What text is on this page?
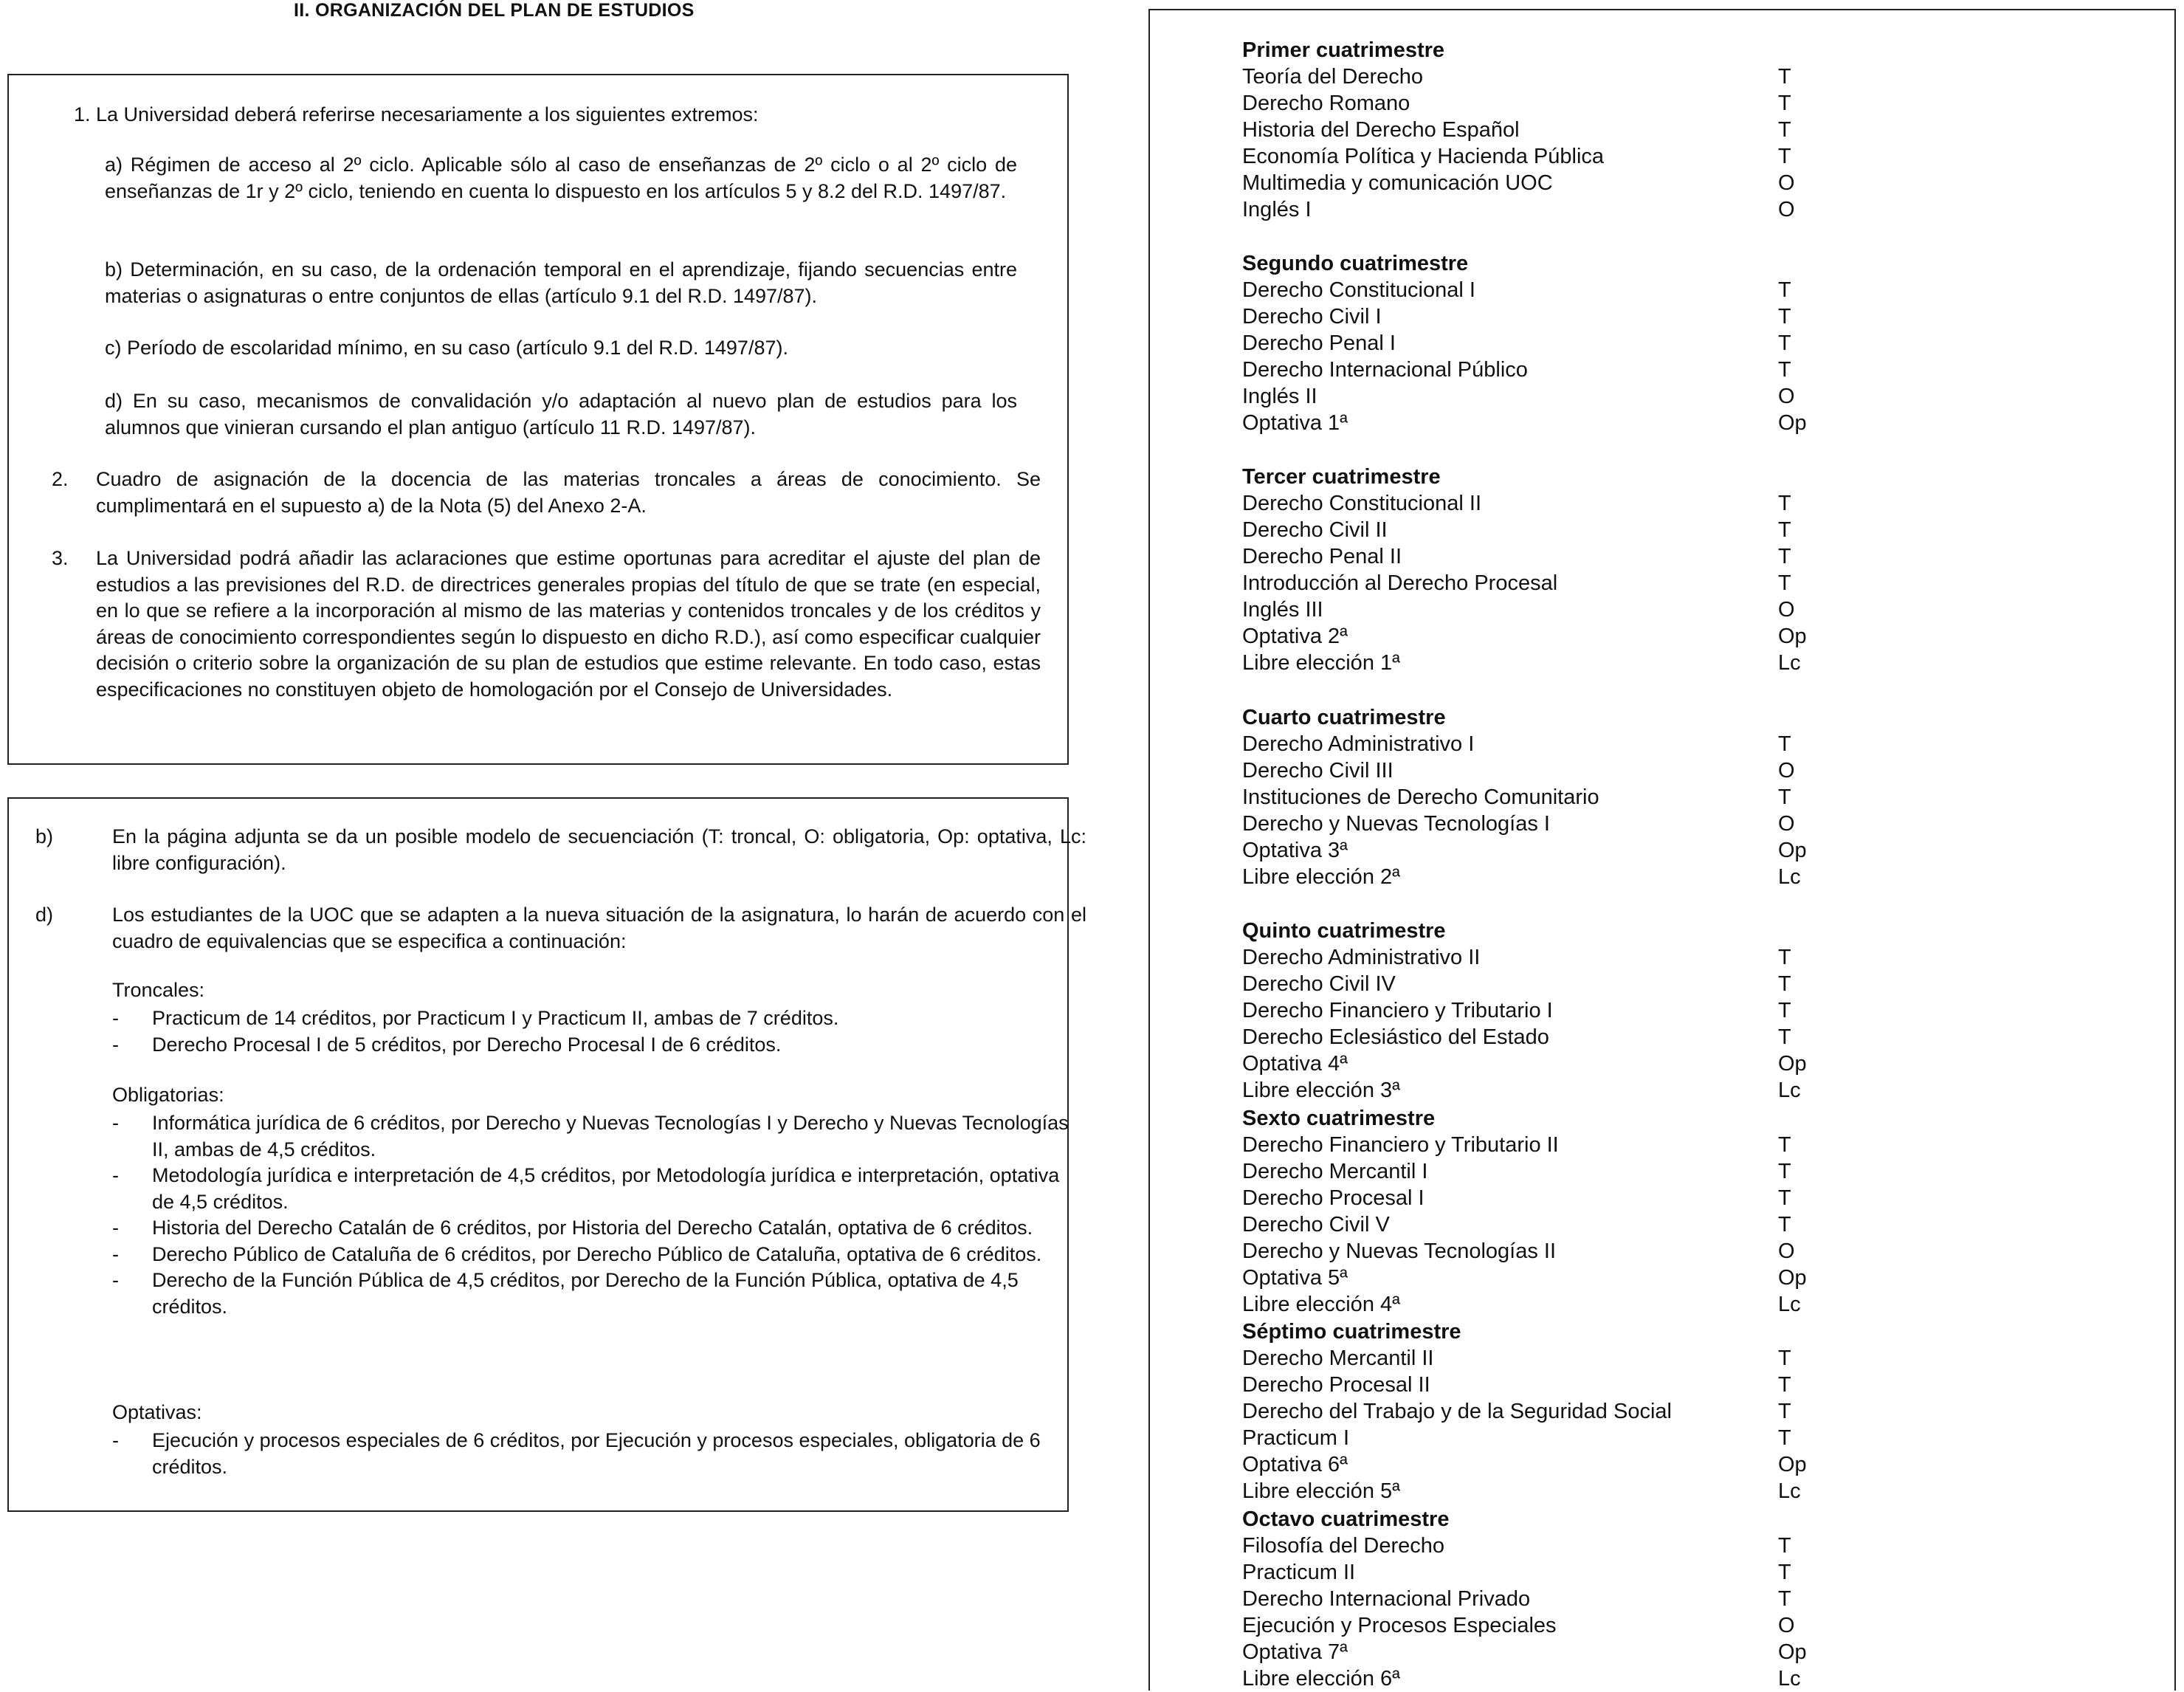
II. ORGANIZACIÓN DEL PLAN DE ESTUDIOS
1. La Universidad deberá referirse necesariamente a los siguientes extremos:
a) Régimen de acceso al 2º ciclo. Aplicable sólo al caso de enseñanzas de 2º ciclo o al 2º ciclo de enseñanzas de 1r y 2º ciclo, teniendo en cuenta lo dispuesto en los artículos 5 y 8.2 del R.D. 1497/87.
b) Determinación, en su caso, de la ordenación temporal en el aprendizaje, fijando secuencias entre materias o asignaturas o entre conjuntos de ellas (artículo 9.1 del R.D. 1497/87).
c) Período de escolaridad mínimo, en su caso (artículo 9.1 del R.D. 1497/87).
d) En su caso, mecanismos de convalidación y/o adaptación al nuevo plan de estudios para los alumnos que vinieran cursando el plan antiguo (artículo 11 R.D. 1497/87).
2. Cuadro de asignación de la docencia de las materias troncales a áreas de conocimiento. Se cumplimentará en el supuesto a) de la Nota (5) del Anexo 2-A.
3. La Universidad podrá añadir las aclaraciones que estime oportunas para acreditar el ajuste del plan de estudios a las previsiones del R.D. de directrices generales propias del título de que se trate (en especial, en lo que se refiere a la incorporación al mismo de las materias y contenidos troncales y de los créditos y áreas de conocimiento correspondientes según lo dispuesto en dicho R.D.), así como especificar cualquier decisión o criterio sobre la organización de su plan de estudios que estime relevante. En todo caso, estas especificaciones no constituyen objeto de homologación por el Consejo de Universidades.
b)	En la página adjunta se da un posible modelo de secuenciación (T: troncal, O: obligatoria, Op: optativa, Lc: libre configuración).
d)	Los estudiantes de la UOC que se adapten a la nueva situación de la asignatura, lo harán de acuerdo con el cuadro de equivalencias que se especifica a continuación:
Troncales:
- Practicum de 14 créditos, por Practicum I y Practicum II, ambas de 7 créditos.
- Derecho Procesal I de 5 créditos, por Derecho Procesal I de 6 créditos.
Obligatorias:
- Informática jurídica de 6 créditos, por Derecho y Nuevas Tecnologías I y Derecho y Nuevas Tecnologías II, ambas de 4,5 créditos.
- Metodología jurídica e interpretación de 4,5 créditos, por Metodología jurídica e interpretación, optativa de 4,5 créditos.
- Historia del Derecho Catalán de 6 créditos, por Historia del Derecho Catalán, optativa de 6 créditos.
- Derecho Público de Cataluña de 6 créditos, por Derecho Público de Cataluña, optativa de 6 créditos.
- Derecho de la Función Pública de 4,5 créditos, por Derecho de la Función Pública, optativa de 4,5 créditos.
Optativas:
- Ejecución y procesos especiales de 6 créditos, por Ejecución y procesos especiales, obligatoria de 6 créditos.
Primer cuatrimestre
Teoría del Derecho	T
Derecho Romano	T
Historia del Derecho Español	T
Economía Política y Hacienda Pública	T
Multimedia y comunicación UOC	O
Inglés I	O
Segundo cuatrimestre
Derecho Constitucional I	T
Derecho Civil I	T
Derecho Penal I	T
Derecho Internacional Público	T
Inglés II	O
Optativa 1ª	Op
Tercer cuatrimestre
Derecho Constitucional II	T
Derecho Civil II	T
Derecho Penal II	T
Introducción al Derecho Procesal	T
Inglés III	O
Optativa 2ª	Op
Libre elección 1ª	Lc
Cuarto cuatrimestre
Derecho Administrativo I	T
Derecho Civil III	O
Instituciones de Derecho Comunitario	T
Derecho y Nuevas Tecnologías I	O
Optativa 3ª	Op
Libre elección 2ª	Lc
Quinto cuatrimestre
Derecho Administrativo II	T
Derecho Civil IV	T
Derecho Financiero y Tributario I	T
Derecho Eclesiástico del Estado	T
Optativa 4ª	Op
Libre elección 3ª	Lc
Sexto cuatrimestre
Derecho Financiero y Tributario II	T
Derecho Mercantil I	T
Derecho Procesal I	T
Derecho Civil V	T
Derecho y Nuevas Tecnologías II	O
Optativa 5ª	Op
Libre elección 4ª	Lc
Séptimo cuatrimestre
Derecho Mercantil II	T
Derecho Procesal II	T
Derecho del Trabajo y de la Seguridad Social	T
Practicum I	T
Optativa 6ª	Op
Libre elección 5ª	Lc
Octavo cuatrimestre
Filosofía del Derecho	T
Practicum II	T
Derecho Internacional Privado	T
Ejecución y Procesos Especiales	O
Optativa 7ª	Op
Libre elección 6ª	Lc
